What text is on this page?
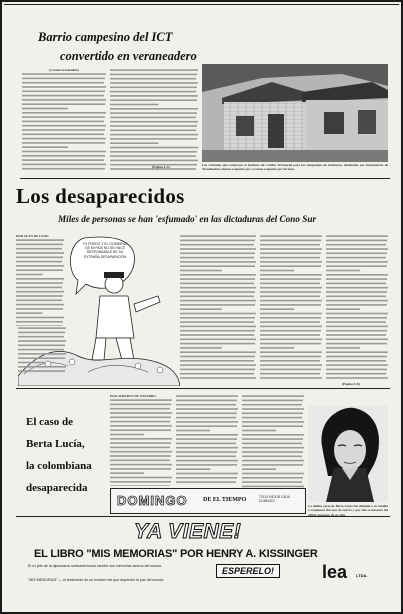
Barrio campesino del ICT
convertido en veraneadero
(Crónica irrefutable)
(Página 4-A)	Las viviendas que construyó el Instituto de Crédito Territorial para los campesinos de Sutatausa, destinadas por funcionarios de Terminación, fueron ocupadas por ya están ocupadas por turistas.
Los desaparecidos
Miles de personas se han 'esfumado' en las dictaduras del Cono Sur
POR ALAN DE LEON
YO PUEDO Y EL GOBIERNO DE MI PAÍS NO SE HACE RESPONSABLE DE SU EXTRAÑA DESAPARICIÓN
(Página 3-B)
El caso de
Berta Lucía,
la colombiana
desaparecida
POR ALBERTO DE NAVARRO
La última carta de Berta Lucía fue dirigida a su familia a comienzos del mes de marzo y por ella se informó del difícil momento de su vida.
DOMINGO	DE EL TIEMPO	TODO MEJOR CADA DOMINGO
YA VIENE!
EL LIBRO "MIS MEMORIAS" POR HENRY A. KISSINGER
El ex jefe de la diplomacia norteamericana escribe sus memorias acerca del mundo.	ESPERELO!
"MIS MEMORIAS" — el testimonio de un hombre del que dependió la paz del mundo.	lea LTDA.
